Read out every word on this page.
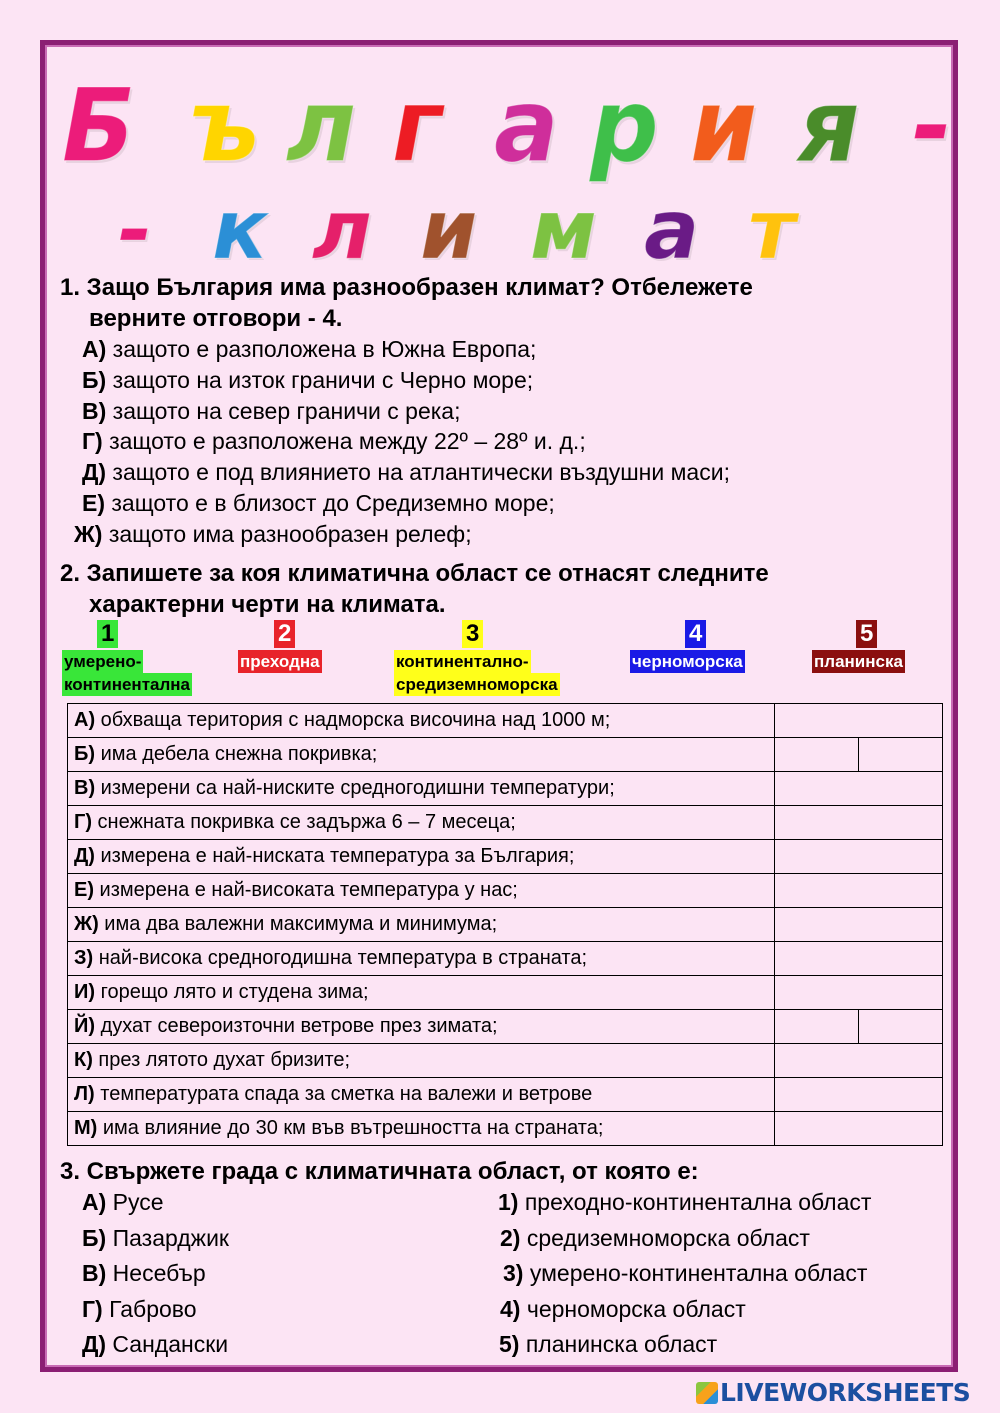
Б ъ л г а р и я -
- к л и м а т
1. Защо България има разнообразен климат? Отбележете
верните отговори - 4.
А) защото е разположена в Южна Европа;
Б) защото на изток граничи с Черно море;
В) защото на север граничи с река;
Г) защото е разположена между 22º – 28º и. д.;
Д) защото е под влиянието на атлантически въздушни маси;
Е) защото е в близост до Средиземно море;
Ж) защото има разнообразен релеф;
2. Запишете за коя климатична област се отнасят следните
характерни черти на климата.
1
умерено-
континентална
2
преходна
3
континентално-
средиземноморска
4
черноморска
5
планинска
А) обхваща територия с надморска височина над 1000 м;	
Б) има дебела снежна покривка;	

В) измерени са най-ниските средногодишни температури;	
Г) снежната покривка се задържа 6 – 7 месеца;	
Д) измерена е най-ниската температура за България;	
Е) измерена е най-високата температура у нас;	
Ж) има два валежни максимума и минимума;	
З) най-висока средногодишна температура в страната;	
И) горещо лято и студена зима;	
Й) духат североизточни ветрове през зимата;	

К) през лятото духат бризите;	
Л) температурата спада за сметка на валежи и ветрове	
М) има влияние до 30 км във вътрешността на страната;	
3. Свържете града с климатичната област, от която е:
А) Русе
Б) Пазарджик
В) Несебър
Г) Габрово
Д) Сандански
1) преходно-континентална област
2) средиземноморска област
3) умерено-континентална област
4) черноморска област
5) планинска област
LIVEWORKSHEETS
